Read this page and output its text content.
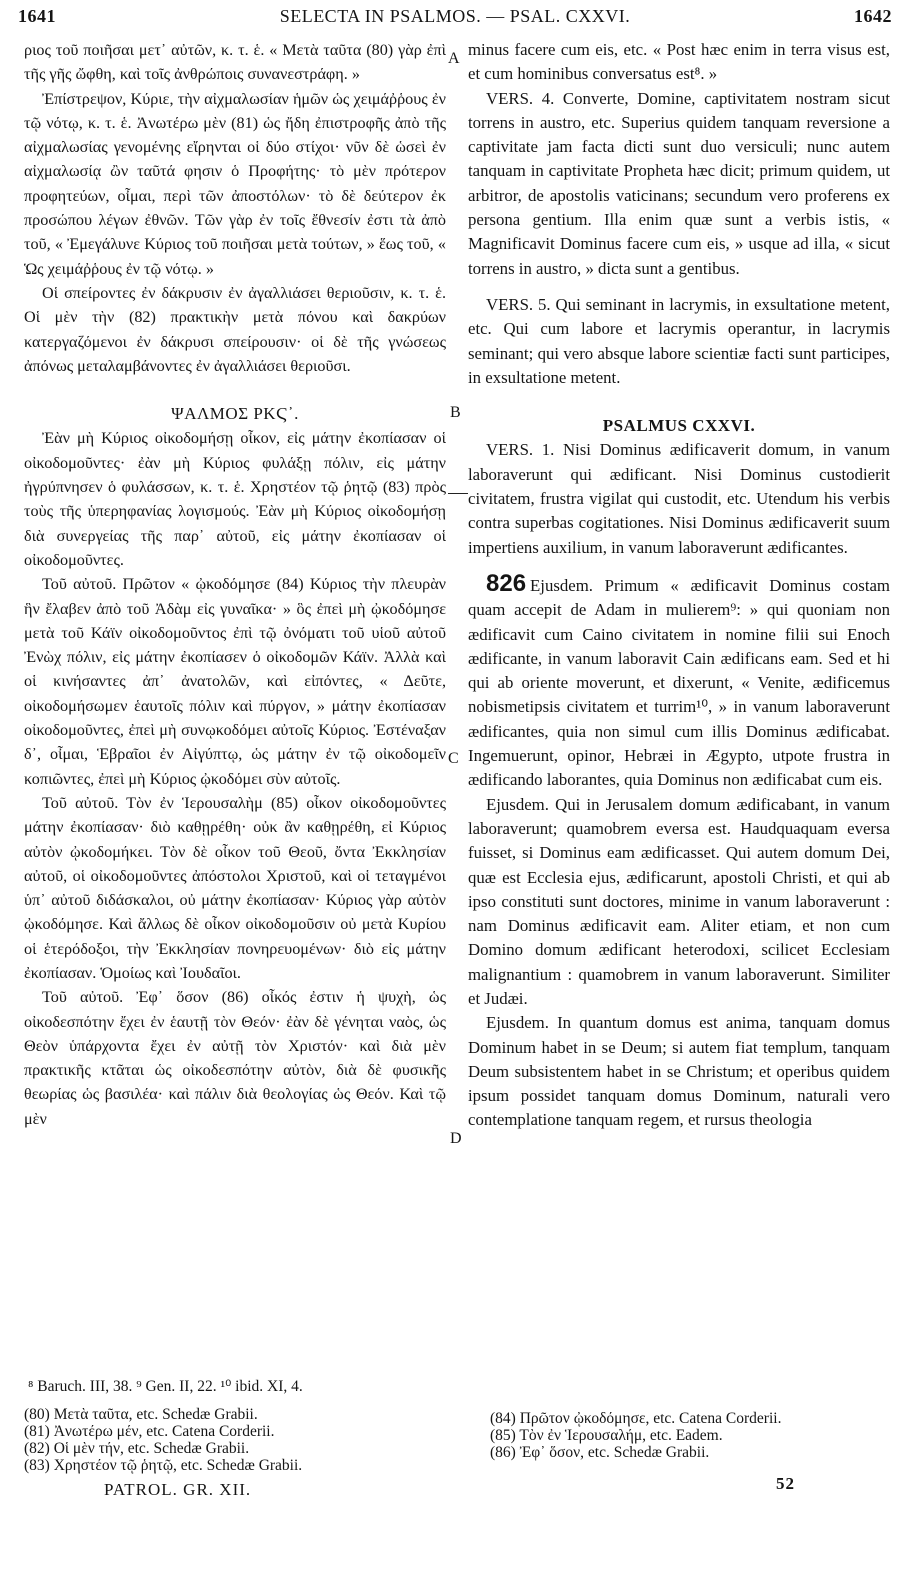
1641	SELECTA IN PSALMOS. — PSAL. CXXVI.	1642

ριος τοῦ ποιῆσαι μετ᾽ αὐτῶν, κ. τ. ἑ. « Μετὰ ταῦτα (80) γὰρ ἐπὶ τῆς γῆς ὤφθη, καὶ τοῖς ἀνθρώποις συνανεστράφη. »

Ἐπίστρεψον, Κύριε, τὴν αἰχμαλωσίαν ἡμῶν ὡς χειμάῤῥους ἐν τῷ νότῳ, κ. τ. ἑ. Ἀνωτέρω μὲν (81) ὡς ἤδη ἐπιστροφῆς ἀπὸ τῆς αἰχμαλωσίας γενομένης εἴρηνται οἱ δύο στίχοι· νῦν δὲ ὡσεὶ ἐν αἰχμαλωσίᾳ ὢν ταῦτά φησιν ὁ Προφήτης· τὸ μὲν πρότερον προφητεύων, οἶμαι, περὶ τῶν ἀποστόλων· τὸ δὲ δεύτερον ἐκ προσώπου λέγων ἐθνῶν. Τῶν γὰρ ἐν τοῖς ἔθνεσίν ἐστι τὰ ἀπὸ τοῦ, « Ἐμεγάλυνε Κύριος τοῦ ποιῆσαι μετὰ τούτων, » ἕως τοῦ, « Ὡς χειμάῤῥους ἐν τῷ νότῳ. »

Οἱ σπείροντες ἐν δάκρυσιν ἐν ἀγαλλιάσει θεριοῦσιν, κ. τ. ἑ. Οἱ μὲν τὴν (82) πρακτικὴν μετὰ πόνου καὶ δακρύων κατεργαζόμενοι ἐν δάκρυσι σπείρουσιν· οἱ δὲ τῆς γνώσεως ἀπόνως μεταλαμβάνοντες ἐν ἀγαλλιάσει θεριοῦσι.

ΨΑΛΜΟΣ ΡΚϚ᾽.

Ἐὰν μὴ Κύριος οἰκοδομήσῃ οἶκον, εἰς μάτην ἐκοπίασαν οἱ οἰκοδομοῦντες· ἐὰν μὴ Κύριος φυλάξῃ πόλιν, εἰς μάτην ἠγρύπνησεν ὁ φυλάσσων, κ. τ. ἑ. Χρηστέον τῷ ῥητῷ (83) πρὸς τοὺς τῆς ὑπερηφανίας λογισμούς. Ἐὰν μὴ Κύριος οἰκοδομήσῃ διὰ συνεργείας τῆς παρ᾽ αὐτοῦ, εἰς μάτην ἐκοπίασαν οἱ οἰκοδομοῦντες.

Τοῦ αὐτοῦ. Πρῶτον « ᾠκοδόμησε (84) Κύριος τὴν πλευρὰν ἣν ἔλαβεν ἀπὸ τοῦ Ἀδὰμ εἰς γυναῖκα· » ὃς ἐπεὶ μὴ ᾠκοδόμησε μετὰ τοῦ Κάϊν οἰκοδομοῦντος ἐπὶ τῷ ὀνόματι τοῦ υἱοῦ αὐτοῦ Ἐνὼχ πόλιν, εἰς μάτην ἐκοπίασεν ὁ οἰκοδομῶν Κάϊν. Ἀλλὰ καὶ οἱ κινήσαντες ἀπ᾽ ἀνατολῶν, καὶ εἰπόντες, « Δεῦτε, οἰκοδομήσωμεν ἑαυτοῖς πόλιν καὶ πύργον, » μάτην ἐκοπίασαν οἰκοδομοῦντες, ἐπεὶ μὴ συνῳκοδόμει αὐτοῖς Κύριος. Ἐστέναξαν δ᾽, οἶμαι, Ἑβραῖοι ἐν Αἰγύπτῳ, ὡς μάτην ἐν τῷ οἰκοδομεῖν κοπιῶντες, ἐπεὶ μὴ Κύριος ᾠκοδόμει σὺν αὐτοῖς.

Τοῦ αὐτοῦ. Τὸν ἐν Ἱερουσαλὴμ (85) οἶκον οἰκοδομοῦντες μάτην ἐκοπίασαν· διὸ καθῃρέθη· οὐκ ἂν καθῃρέθη, εἰ Κύριος αὐτὸν ᾠκοδομήκει. Τὸν δὲ οἶκον τοῦ Θεοῦ, ὄντα Ἐκκλησίαν αὐτοῦ, οἱ οἰκοδομοῦντες ἀπόστολοι Χριστοῦ, καὶ οἱ τεταγμένοι ὑπ᾽ αὐτοῦ διδάσκαλοι, οὐ μάτην ἐκοπίασαν· Κύριος γὰρ αὐτὸν ᾠκοδόμησε. Καὶ ἄλλως δὲ οἶκον οἰκοδομοῦσιν οὐ μετὰ Κυρίου οἱ ἑτερόδοξοι, τὴν Ἐκκλησίαν πονηρευομένων· διὸ εἰς μάτην ἐκοπίασαν. Ὁμοίως καὶ Ἰουδαῖοι.

Τοῦ αὐτοῦ. Ἐφ᾽ ὅσον (86) οἶκός ἐστιν ἡ ψυχὴ, ὡς οἰκοδεσπότην ἔχει ἐν ἑαυτῇ τὸν Θεόν· ἐὰν δὲ γένηται ναὸς, ὡς Θεὸν ὑπάρχοντα ἔχει ἐν αὐτῇ τὸν Χριστόν· καὶ διὰ μὲν πρακτικῆς κτᾶται ὡς οἰκοδεσπότην αὐτὸν, διὰ δὲ φυσικῆς θεωρίας ὡς βασιλέα· καὶ πάλιν διὰ θεολογίας ὡς Θεόν. Καὶ τῷ μὲν

minus facere cum eis, etc. « Post hæc enim in terra visus est, et cum hominibus conversatus est⁸. »

VERS. 4. Converte, Domine, captivitatem nostram sicut torrens in austro, etc. Superius quidem tanquam reversione a captivitate jam facta dicti sunt duo versiculi; nunc autem tanquam in captivitate Propheta hæc dicit; primum quidem, ut arbitror, de apostolis vaticinans; secundum vero proferens ex persona gentium. Illa enim quæ sunt a verbis istis, « Magnificavit Dominus facere cum eis, » usque ad illa, « sicut torrens in austro, » dicta sunt a gentibus.

VERS. 5. Qui seminant in lacrymis, in exsultatione metent, etc. Qui cum labore et lacrymis operantur, in lacrymis seminant; qui vero absque labore scientiæ facti sunt participes, in exsultatione metent.

PSALMUS CXXVI.

VERS. 1. Nisi Dominus ædificaverit domum, in vanum laboraverunt qui ædificant. Nisi Dominus custodierit civitatem, frustra vigilat qui custodit, etc. Utendum his verbis contra superbas cogitationes. Nisi Dominus ædificaverit suum impertiens auxilium, in vanum laboraverunt ædificantes.

826 Ejusdem. Primum « ædificavit Dominus costam quam accepit de Adam in mulierem⁹: » qui quoniam non ædificavit cum Caino civitatem in nomine filii sui Enoch ædificante, in vanum laboravit Cain ædificans eam. Sed et hi qui ab oriente moverunt, et dixerunt, « Venite, ædificemus nobismetipsis civitatem et turrim¹⁰, » in vanum laboraverunt ædificantes, quia non simul cum illis Dominus ædificabat. Ingemuerunt, opinor, Hebræi in Ægypto, utpote frustra in ædificando laborantes, quia Dominus non ædificabat cum eis.

Ejusdem. Qui in Jerusalem domum ædificabant, in vanum laboraverunt; quamobrem eversa est. Haudquaquam eversa fuisset, si Dominus eam ædificasset. Qui autem domum Dei, quæ est Ecclesia ejus, ædificarunt, apostoli Christi, et qui ab ipso constituti sunt doctores, minime in vanum laboraverunt : nam Dominus ædificavit eam. Aliter etiam, et non cum Domino domum ædificant heterodoxi, scilicet Ecclesiam malignantium : quamobrem in vanum laboraverunt. Similiter et Judæi.

Ejusdem. In quantum domus est anima, tanquam domus Dominum habet in se Deum; si autem fiat templum, tanquam Deum subsistentem habet in se Christum; et operibus quidem ipsum possidet tanquam domus Dominum, naturali vero contemplatione tanquam regem, et rursus theologia

A
B
C
D
⁸ Baruch. III, 38. ⁹ Gen. II, 22. ¹⁰ ibid. XI, 4.
(80) Μετὰ ταῦτα, etc. Schedæ Grabii.
(81) Ἀνωτέρω μέν, etc. Catena Corderii.
(82) Οἱ μὲν τήν, etc. Schedæ Grabii.
(83) Χρηστέον τῷ ῥητῷ, etc. Schedæ Grabii.
(84) Πρῶτον ᾠκοδόμησε, etc. Catena Corderii.
(85) Τὸν ἐν Ἱερουσαλήμ, etc. Eadem.
(86) Ἐφ᾽ ὅσον, etc. Schedæ Grabii.
PATROL. GR. XII.	52
